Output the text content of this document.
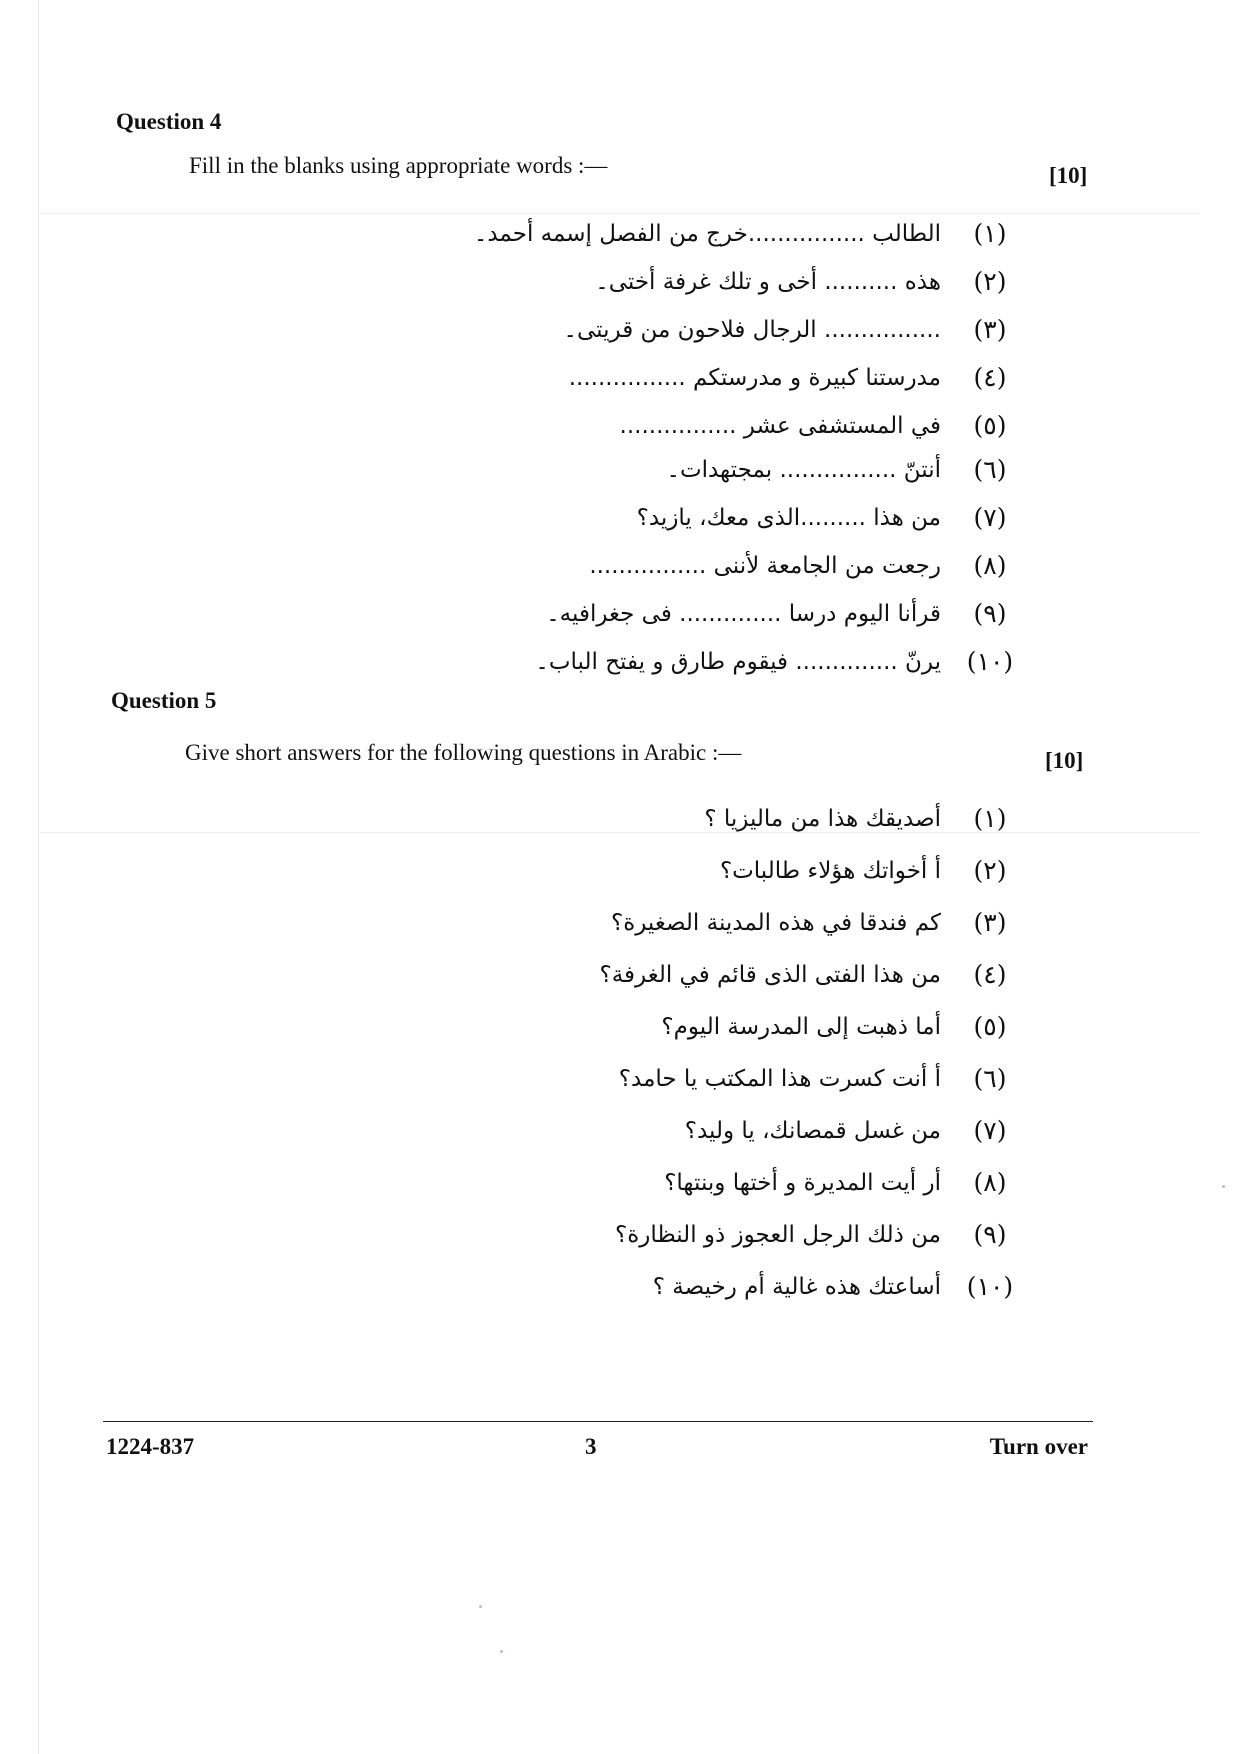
Question 4
Fill in the blanks using appropriate words :—	[10]
(١)
الطالب ................خرج من الفصل إسمه أحمد۔
(٢)
هذه .......... أخى و تلك غرفة أختى۔
(٣)
................ الرجال فلاحون من قريتى۔
(٤)
مدرستنا كبيرة و مدرستكم ................
(٥)
في المستشفى عشر ................
(٦)
أنتنّ ................ بمجتهدات۔
(٧)
من هذا .........الذى معك، يازيد؟
(٨)
رجعت من الجامعة لأننى ................
(٩)
قرأنا اليوم درسا .............. فى جغرافيه۔
(١٠)
يرنّ .............. فيقوم طارق و يفتح الباب۔
Question 5
Give short answers for the following questions in Arabic :—	[10]
(١)
أصديقك هذا من ماليزيا ؟
(٢)
أ أخواتك هؤلاء طالبات؟
(٣)
كم فندقا في هذه المدينة الصغيرة؟
(٤)
من هذا الفتى الذى قائم في الغرفة؟
(٥)
أما ذهبت إلى المدرسة اليوم؟
(٦)
أ أنت كسرت هذا المكتب يا حامد؟
(٧)
من غسل قمصانك، يا وليد؟
(٨)
أر أيت المديرة و أختها وبنتها؟
(٩)
من ذلك الرجل العجوز ذو النظارة؟
(١٠)
أساعتك هذه غالية أم رخيصة ؟
1224-837	3	Turn over
